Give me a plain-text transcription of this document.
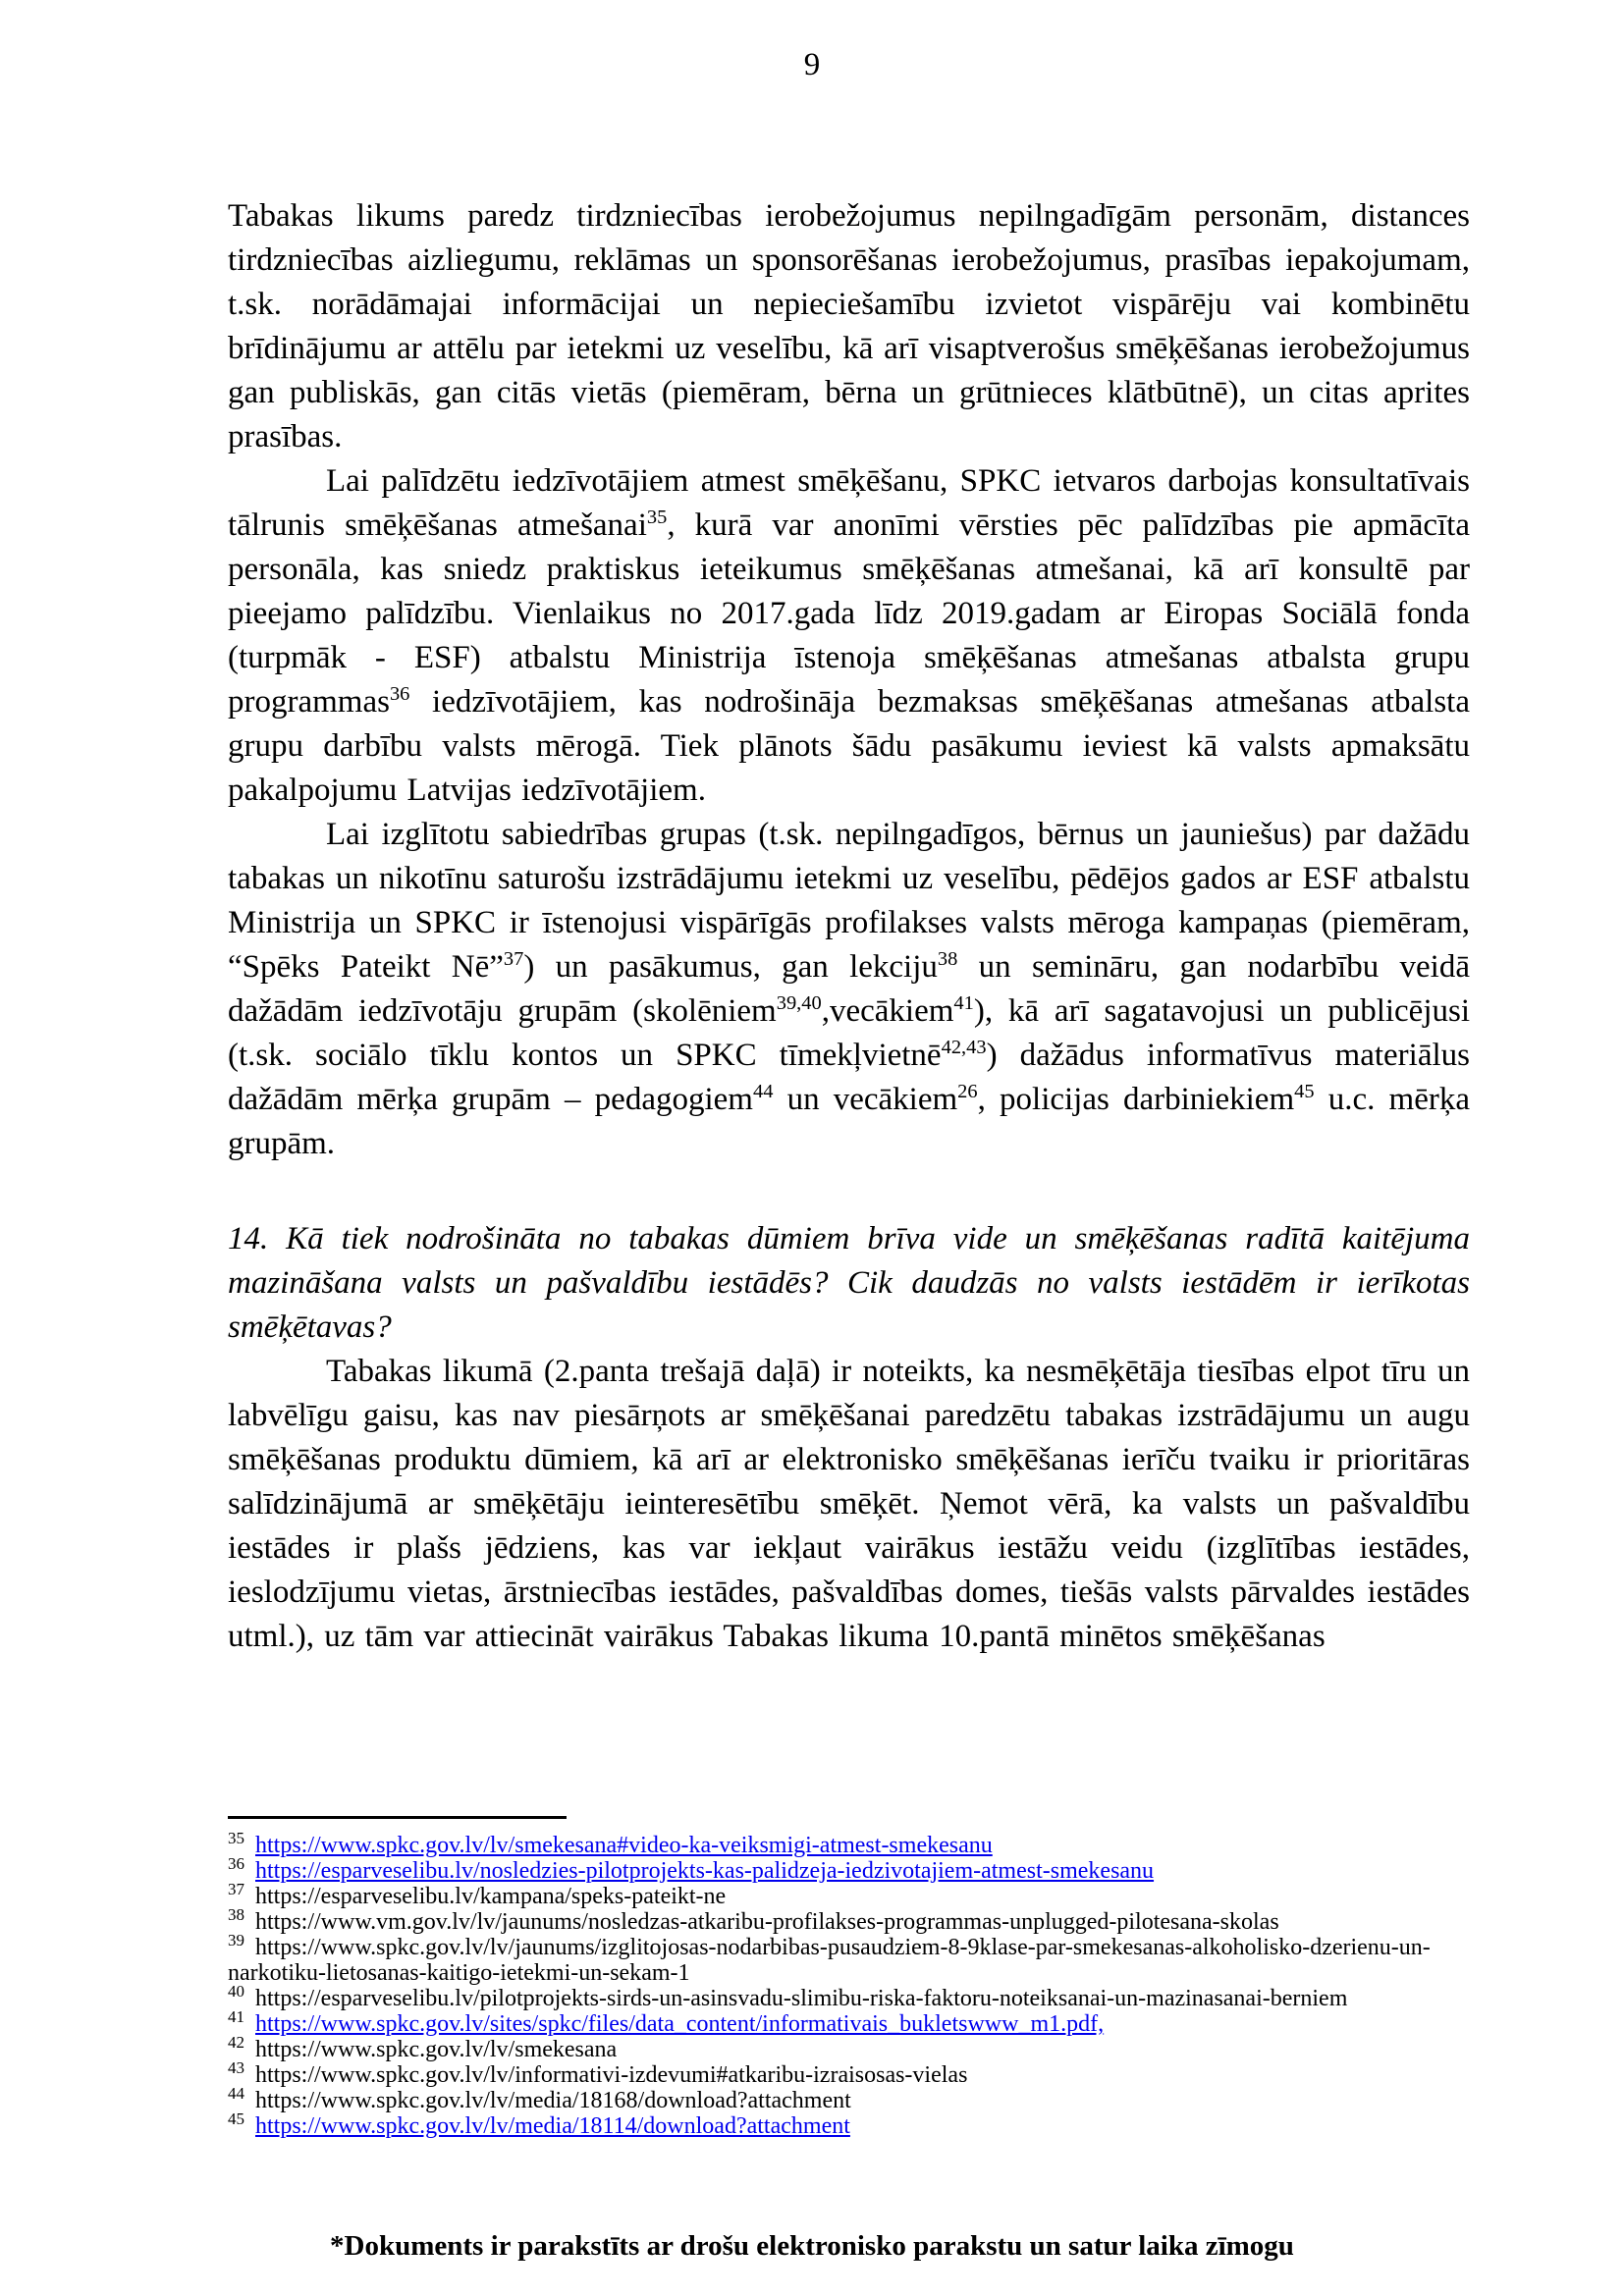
9

Tabakas likums paredz tirdzniecības ierobežojumus nepilngadīgām personām, distances tirdzniecības aizliegumu, reklāmas un sponsorēšanas ierobežojumus, prasības iepakojumam, t.sk. norādāmajai informācijai un nepieciešamību izvietot vispārēju vai kombinētu brīdinājumu ar attēlu par ietekmi uz veselību, kā arī visaptverošus smēķēšanas ierobežojumus gan publiskās, gan citās vietās (piemēram, bērna un grūtnieces klātbūtnē), un citas aprites prasības.

Lai palīdzētu iedzīvotājiem atmest smēķēšanu, SPKC ietvaros darbojas konsultatīvais tālrunis smēķēšanas atmešanai$^{35}$, kurā var anonīmi vērsties pēc palīdzības pie apmācīta personāla, kas sniedz praktiskus ieteikumus smēķēšanas atmešanai, kā arī konsultē par pieejamo palīdzību. Vienlaikus no 2017.gada līdz 2019.gadam ar Eiropas Sociālā fonda (turpmāk - ESF) atbalstu Ministrija īstenoja smēķēšanas atmešanas atbalsta grupu programmas$^{36}$ iedzīvotājiem, kas nodrošināja bezmaksas smēķēšanas atmešanas atbalsta grupu darbību valsts mērogā. Tiek plānots šādu pasākumu ieviest kā valsts apmaksātu pakalpojumu Latvijas iedzīvotājiem.

Lai izglītotu sabiedrības grupas (t.sk. nepilngadīgos, bērnus un jauniešus) par dažādu tabakas un nikotīnu saturošu izstrādājumu ietekmi uz veselību, pēdējos gados ar ESF atbalstu Ministrija un SPKC ir īstenojusi vispārīgās profilakses valsts mēroga kampaņas (piemēram, “Spēks Pateikt Nē”$^{37}$) un pasākumus, gan lekciju$^{38}$ un semināru, gan nodarbību veidā dažādām iedzīvotāju grupām (skolēniem$^{39,40}$,vecākiem$^{41}$), kā arī sagatavojusi un publicējusi (t.sk. sociālo tīklu kontos un SPKC tīmekļvietnē$^{42,43}$) dažādus informatīvus materiālus dažādām mērķa grupām – pedagogiem$^{44}$ un vecākiem$^{26}$, policijas darbiniekiem$^{45}$ u.c. mērķa grupām.

14. Kā tiek nodrošināta no tabakas dūmiem brīva vide un smēķēšanas radītā kaitējuma mazināšana valsts un pašvaldību iestādēs? Cik daudzās no valsts iestādēm ir ierīkotas smēķētavas?

Tabakas likumā (2.panta trešajā daļā) ir noteikts, ka nesmēķētāja tiesības elpot tīru un labvēlīgu gaisu, kas nav piesārņots ar smēķēšanai paredzētu tabakas izstrādājumu un augu smēķēšanas produktu dūmiem, kā arī ar elektronisko smēķēšanas ierīču tvaiku ir prioritāras salīdzinājumā ar smēķētāju ieinteresētību smēķēt. Ņemot vērā, ka valsts un pašvaldību iestādes ir plašs jēdziens, kas var iekļaut vairākus iestāžu veidu (izglītības iestādes, ieslodzījumu vietas, ārstniecības iestādes, pašvaldības domes, tiešās valsts pārvaldes iestādes utml.), uz tām var attiecināt vairākus Tabakas likuma 10.pantā minētos smēķēšanas

$^{35}$ https://www.spkc.gov.lv/lv/smekesana#video-ka-veiksmigi-atmest-smekesanu
$^{36}$ https://esparveselibu.lv/nosledzies-pilotprojekts-kas-palidzeja-iedzivotajiem-atmest-smekesanu
$^{37}$ https://esparveselibu.lv/kampana/speks-pateikt-ne
$^{38}$ https://www.vm.gov.lv/lv/jaunums/nosledzas-atkaribu-profilakses-programmas-unplugged-pilotesana-skolas
$^{39}$ https://www.spkc.gov.lv/lv/jaunums/izglitojosas-nodarbibas-pusaudziem-8-9klase-par-smekesanas-alkoholisko-dzerienu-un-narkotiku-lietosanas-kaitigo-ietekmi-un-sekam-1
$^{40}$ https://esparveselibu.lv/pilotprojekts-sirds-un-asinsvadu-slimibu-riska-faktoru-noteiksanai-un-mazinasanai-berniem
$^{41}$ https://www.spkc.gov.lv/sites/spkc/files/data_content/informativais_bukletswww_m1.pdf,
$^{42}$ https://www.spkc.gov.lv/lv/smekesana
$^{43}$ https://www.spkc.gov.lv/lv/informativi-izdevumi#atkaribu-izraisosas-vielas
$^{44}$ https://www.spkc.gov.lv/lv/media/18168/download?attachment
$^{45}$ https://www.spkc.gov.lv/lv/media/18114/download?attachment
*Dokuments ir parakstīts ar drošu elektronisko parakstu un satur laika zīmogu
